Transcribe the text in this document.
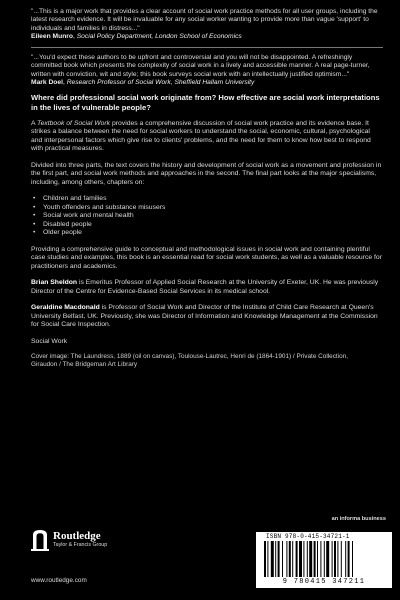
"...This is a major work that provides a clear account of social work practice methods for all user groups, including the latest research evidence. It will be invaluable for any social worker wanting to provide more than vague 'support' to individuals and families in distress..."

Eileen Munro, Social Policy Department, London School of Economics

"...You'd expect these authors to be upfront and controversial and you will not be disappointed. A refreshingly committed book which presents the complexity of social work in a lively and accessible manner. A real page-turner, written with conviction, wit and style; this book surveys social work with an intellectually justified optimism..."

Mark Doel, Research Professor of Social Work, Sheffield Hallam University

Where did professional social work originate from? How effective are social work interpretations in the lives of vulnerable people?

A Textbook of Social Work provides a comprehensive discussion of social work practice and its evidence base. It strikes a balance between the need for social workers to understand the social, economic, cultural, psychological and interpersonal factors which give rise to clients' problems, and the need for them to know how best to respond with practical measures.

Divided into three parts, the text covers the history and development of social work as a movement and profession in the first part, and social work methods and approaches in the second. The final part looks at the major specialisms, including, among others, chapters on:

• Children and families
• Youth offenders and substance misusers
• Social work and mental health
• Disabled people
• Older people

Providing a comprehensive guide to conceptual and methodological issues in social work and containing plentiful case studies and examples, this book is an essential read for social work students, as well as a valuable resource for practitioners and academics.

Brian Sheldon is Emeritus Professor of Applied Social Research at the University of Exeter, UK. He was previously Director of the Centre for Evidence-Based Social Services in its medical school.

Geraldine Macdonald is Professor of Social Work and Director of the Institute of Child Care Research at Queen's University Belfast, UK. Previously, she was Director of Information and Knowledge Management at the Commission for Social Care Inspection.

Social Work

Cover image: The Laundress, 1889 (oil on canvas), Toulouse-Lautrec, Henri de (1864-1901) / Private Collection, Giraudon / The Bridgeman Art Library

an informa business
Routledge
Taylor & Francis Group
www.routledge.com
ISBN 978-0-415-34721-1
9 780415 347211
